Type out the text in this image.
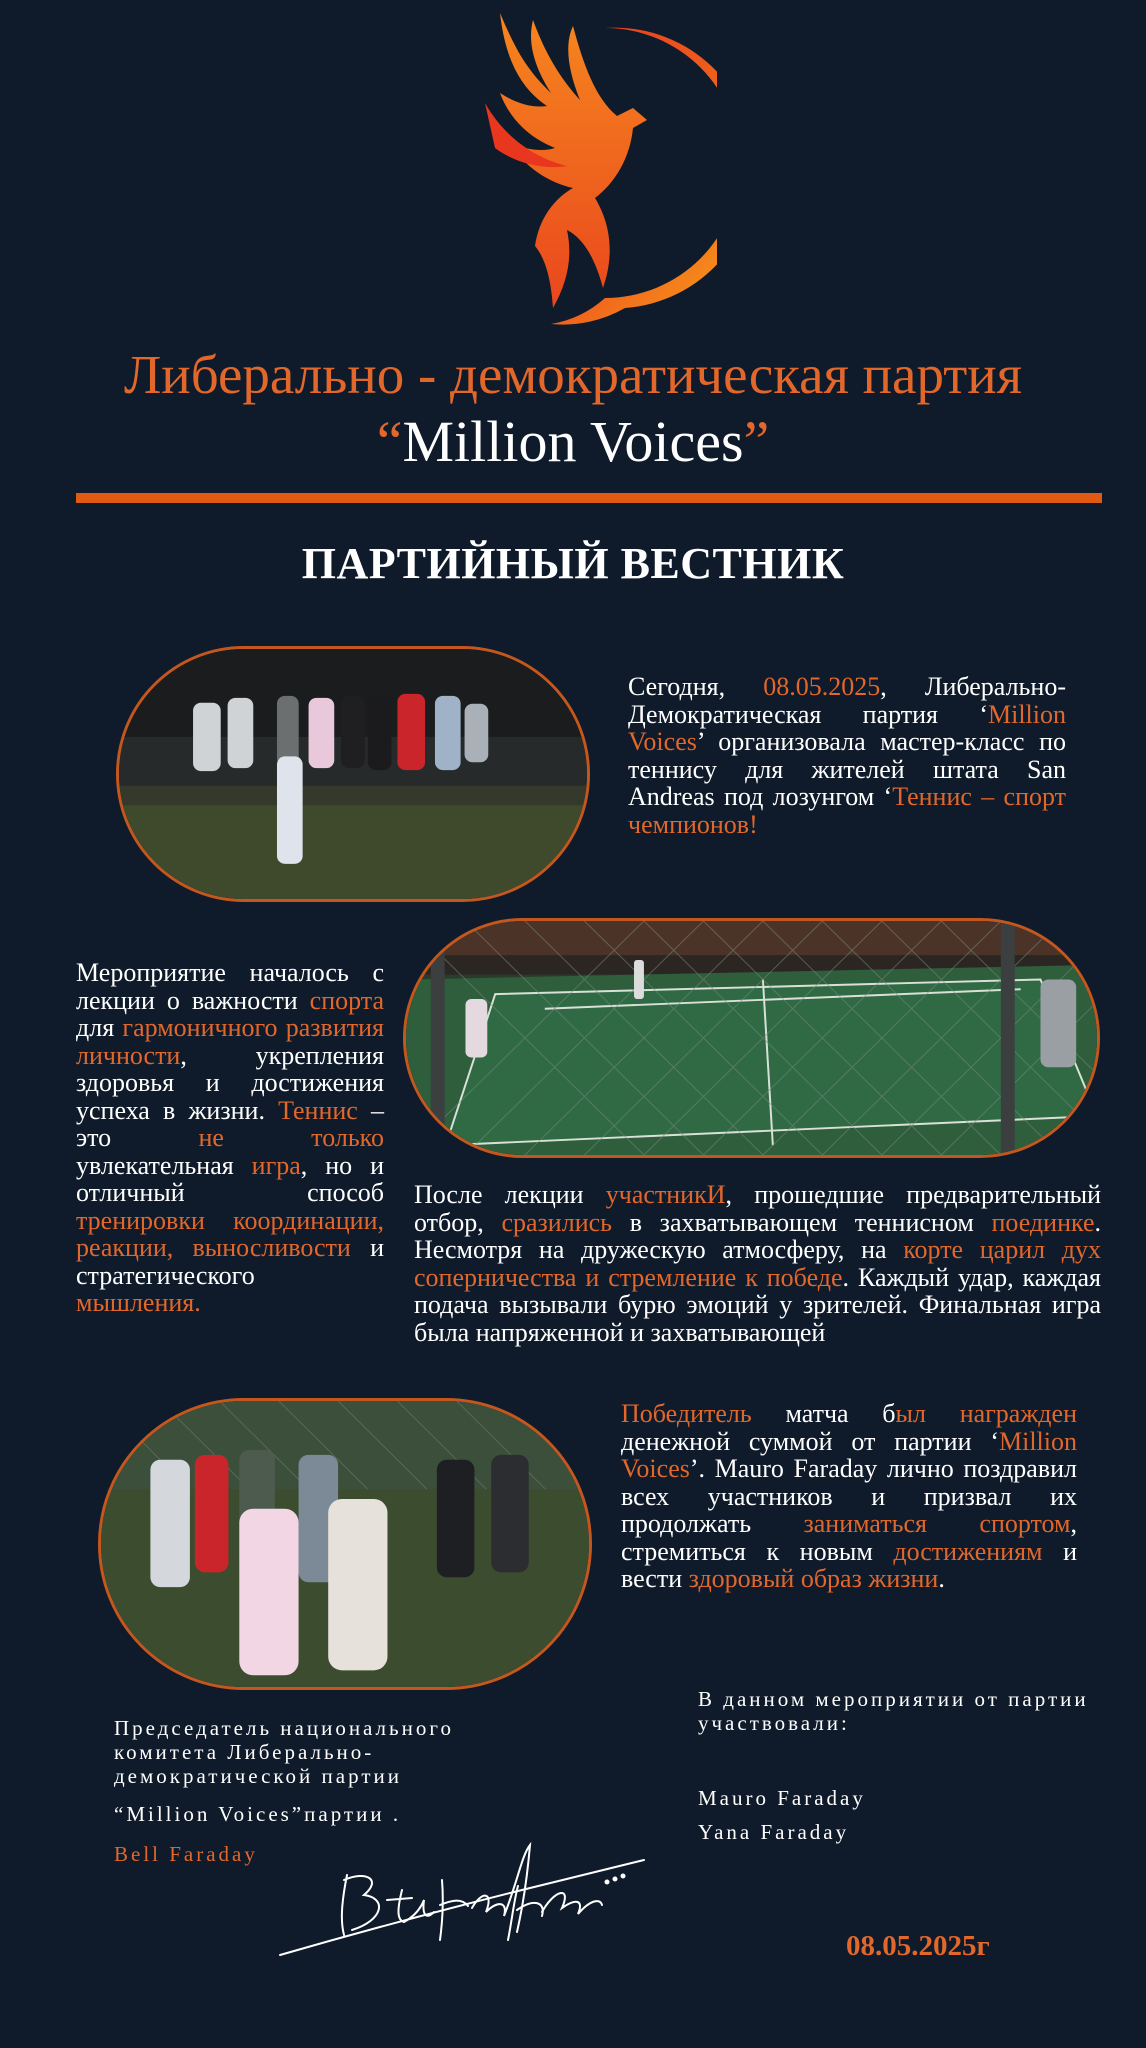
Либерально - демократическая партия
“Million Voices”
ПАРТИЙНЫЙ ВЕСТНИК
Сегодня, 08.05.2025, Либерально-Демократическая партия ‘Million Voices’ организовала мастер-класс по теннису для жителей штата San Andreas под лозунгом ‘Теннис – спорт чемпионов!
Мероприятие началось с лекции о важности спорта для гармоничного развития личности, укрепления здоровья и достижения успеха в жизни. Теннис – это не только увлекательная игра, но и отличный способ тренировки координации, реакции, выносливости и стратегического мышления.
После лекции участникИ, прошедшие предварительный отбор, сразились в захватывающем теннисном поединке. Несмотря на дружескую атмосферу, на корте царил дух соперничества и стремление к победе. Каждый удар, каждая подача вызывали бурю эмоций у зрителей. Финальная игра была напряженной и захватывающей
Победитель матча был награжден денежной суммой от партии ‘Million Voices’. Mauro Faraday лично поздравил всех участников и призвал их продолжать заниматься спортом, стремиться к новым достижениям и вести здоровый образ жизни.
Председатель национального комитета Либерально-демократической партии
“Million Voices”партии .
Bell Faraday
В данном мероприятии от партии участвовали:
Mauro Faraday
Yana Faraday
08.05.2025г
